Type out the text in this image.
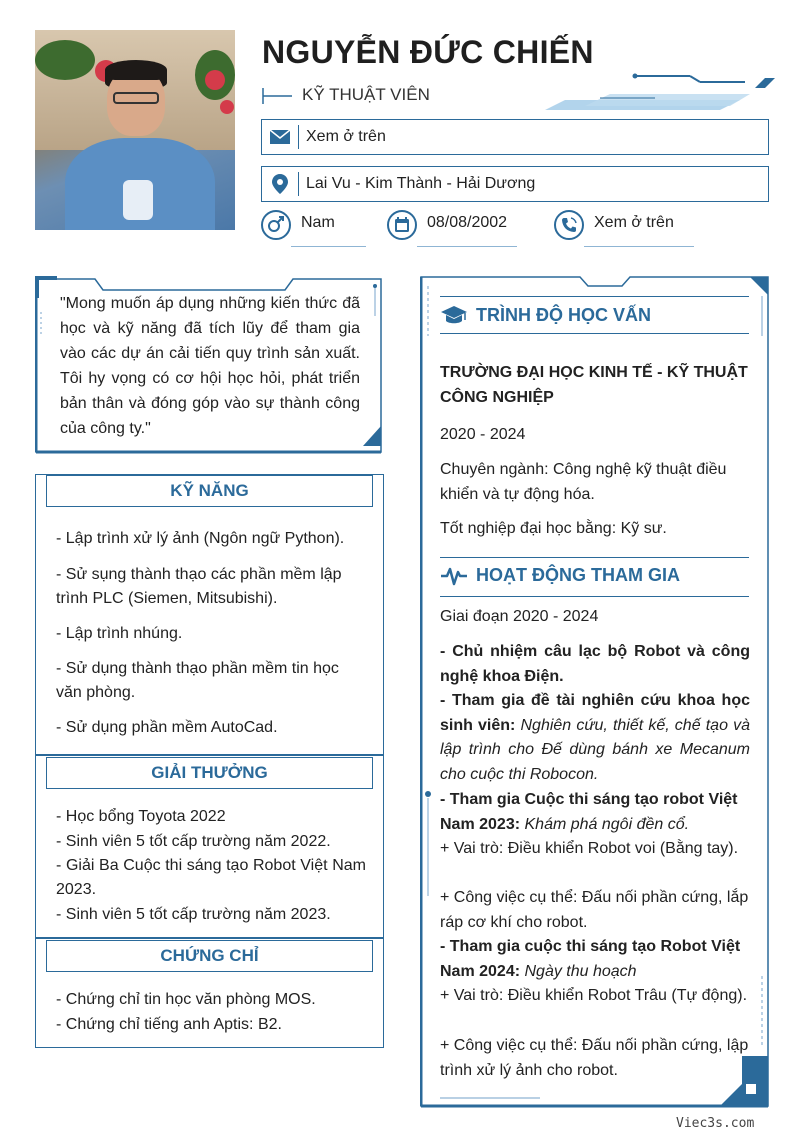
NGUYỄN ĐỨC CHIẾN
KỸ THUẬT VIÊN
Xem ở trên
Lai Vu - Kim Thành - Hải Dương
Nam	08/08/2002	Xem ở trên
"Mong muốn áp dụng những kiến thức đã học và kỹ năng đã tích lũy để tham gia vào các dự án cải tiến quy trình sản xuất. Tôi hy vọng có cơ hội học hỏi, phát triển bản thân và đóng góp vào sự thành công của công ty."
KỸ NĂNG
- Lập trình xử lý ảnh (Ngôn ngữ Python).
- Sử sụng thành thạo các phần mềm lập trình PLC (Siemen, Mitsubishi).
- Lập trình nhúng.
- Sử dụng thành thạo phần mềm tin học văn phòng.
- Sử dụng phần mềm AutoCad.
GIẢI THƯỞNG
- Học bổng Toyota 2022
- Sinh viên 5 tốt cấp trường năm 2022.
- Giải Ba Cuộc thi sáng tạo Robot Việt Nam 2023.
- Sinh viên 5 tốt cấp trường năm 2023.
CHỨNG CHỈ
- Chứng chỉ tin học văn phòng MOS.
- Chứng chỉ tiếng anh Aptis: B2.
TRÌNH ĐỘ HỌC VẤN
TRƯỜNG ĐẠI HỌC KINH TẾ - KỸ THUẬT CÔNG NGHIỆP
2020 - 2024
Chuyên ngành: Công nghệ kỹ thuật điều khiển và tự động hóa.
Tốt nghiệp đại học bằng: Kỹ sư.
HOẠT ĐỘNG THAM GIA
Giai đoạn 2020 - 2024
- Chủ nhiệm câu lạc bộ Robot và công nghệ khoa Điện.
- Tham gia đề tài nghiên cứu khoa học sinh viên: Nghiên cứu, thiết kế, chế tạo và lập trình cho Đế dùng bánh xe Mecanum cho cuộc thi Robocon.
- Tham gia Cuộc thi sáng tạo robot Việt Nam 2023: Khám phá ngôi đền cổ.
+ Vai trò: Điều khiển Robot voi (Bằng tay).
+ Công việc cụ thể: Đấu nối phần cứng, lắp ráp cơ khí cho robot.
- Tham gia cuộc thi sáng tạo Robot Việt Nam 2024: Ngày thu hoạch
+ Vai trò: Điều khiển Robot Trâu (Tự động).
+ Công việc cụ thể: Đấu nối phần cứng, lập trình xử lý ảnh cho robot.
Viec3s.com
